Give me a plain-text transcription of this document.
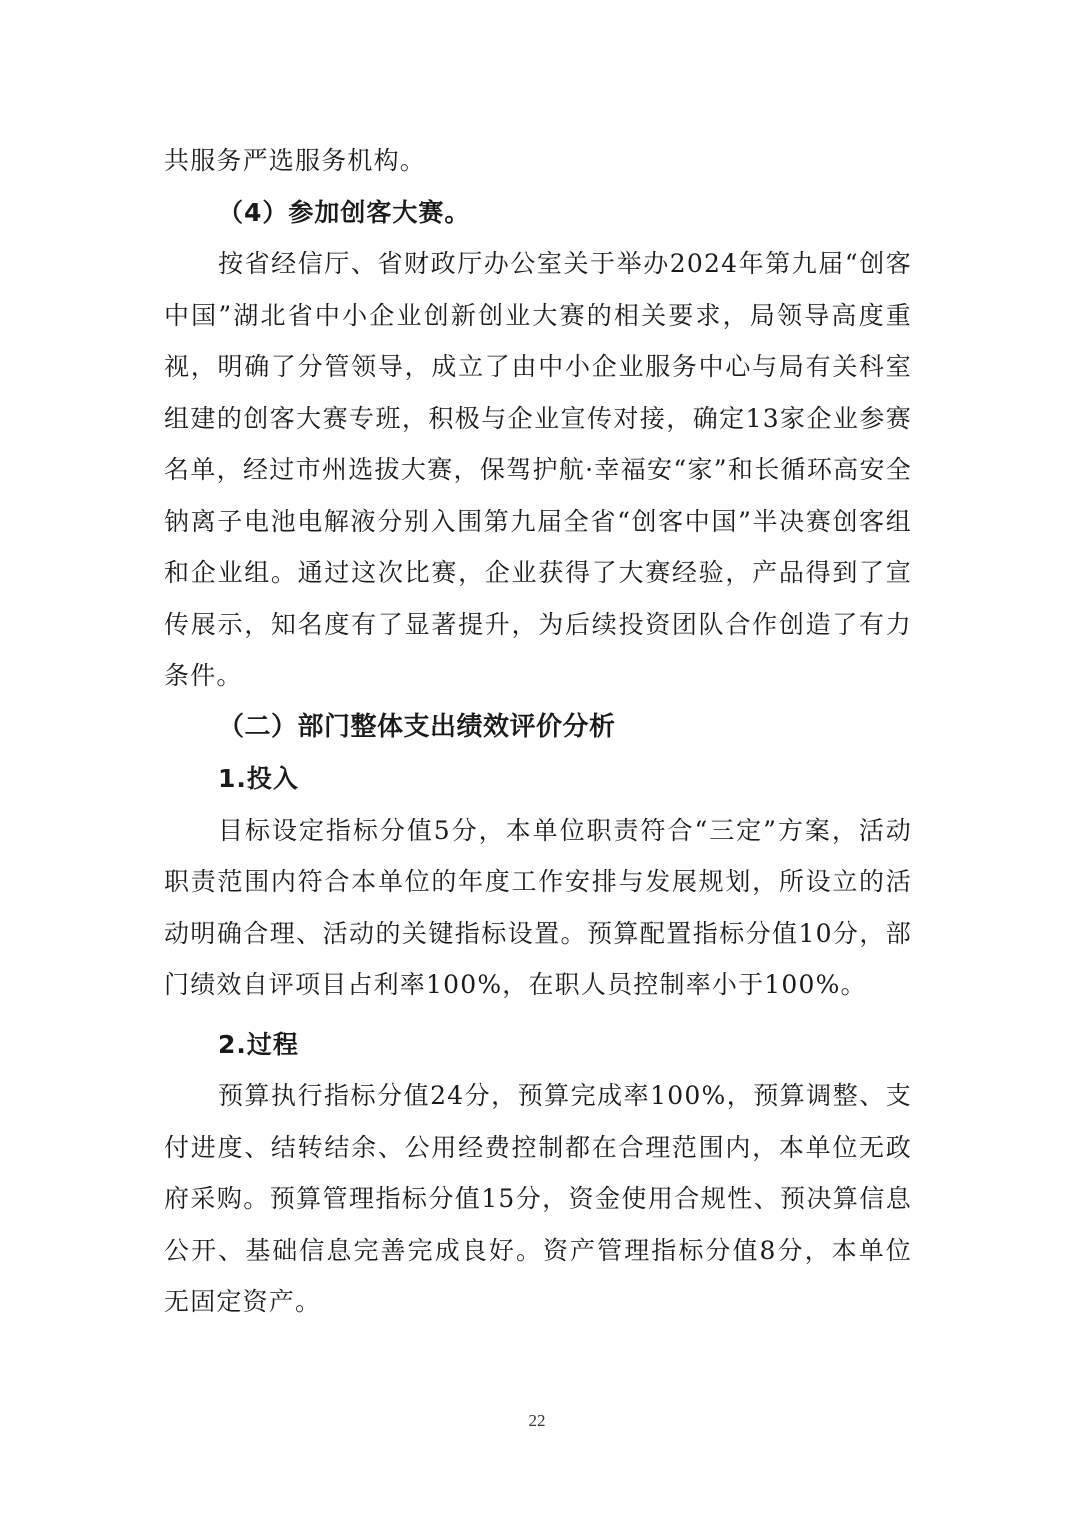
共服务严选服务机构。

（4）参加创客大赛。

按省经信厅、省财政厅办公室关于举办2024年第九届“创客中国”湖北省中小企业创新创业大赛的相关要求，局领导高度重视，明确了分管领导，成立了由中小企业服务中心与局有关科室组建的创客大赛专班，积极与企业宣传对接，确定13家企业参赛名单，经过市州选拔大赛，保驾护航·幸福安“家”和长循环高安全钠离子电池电解液分别入围第九届全省“创客中国”半决赛创客组和企业组。通过这次比赛，企业获得了大赛经验，产品得到了宣传展示，知名度有了显著提升，为后续投资团队合作创造了有力条件。

（二）部门整体支出绩效评价分析
1.投入

目标设定指标分值5分，本单位职责符合“三定”方案，活动职责范围内符合本单位的年度工作安排与发展规划，所设立的活动明确合理、活动的关键指标设置。预算配置指标分值10分，部门绩效自评项目占利率100%，在职人员控制率小于100%。

2.过程

预算执行指标分值24分，预算完成率100%，预算调整、支付进度、结转结余、公用经费控制都在合理范围内，本单位无政府采购。预算管理指标分值15分，资金使用合规性、预决算信息公开、基础信息完善完成良好。资产管理指标分值8分，本单位无固定资产。

22
